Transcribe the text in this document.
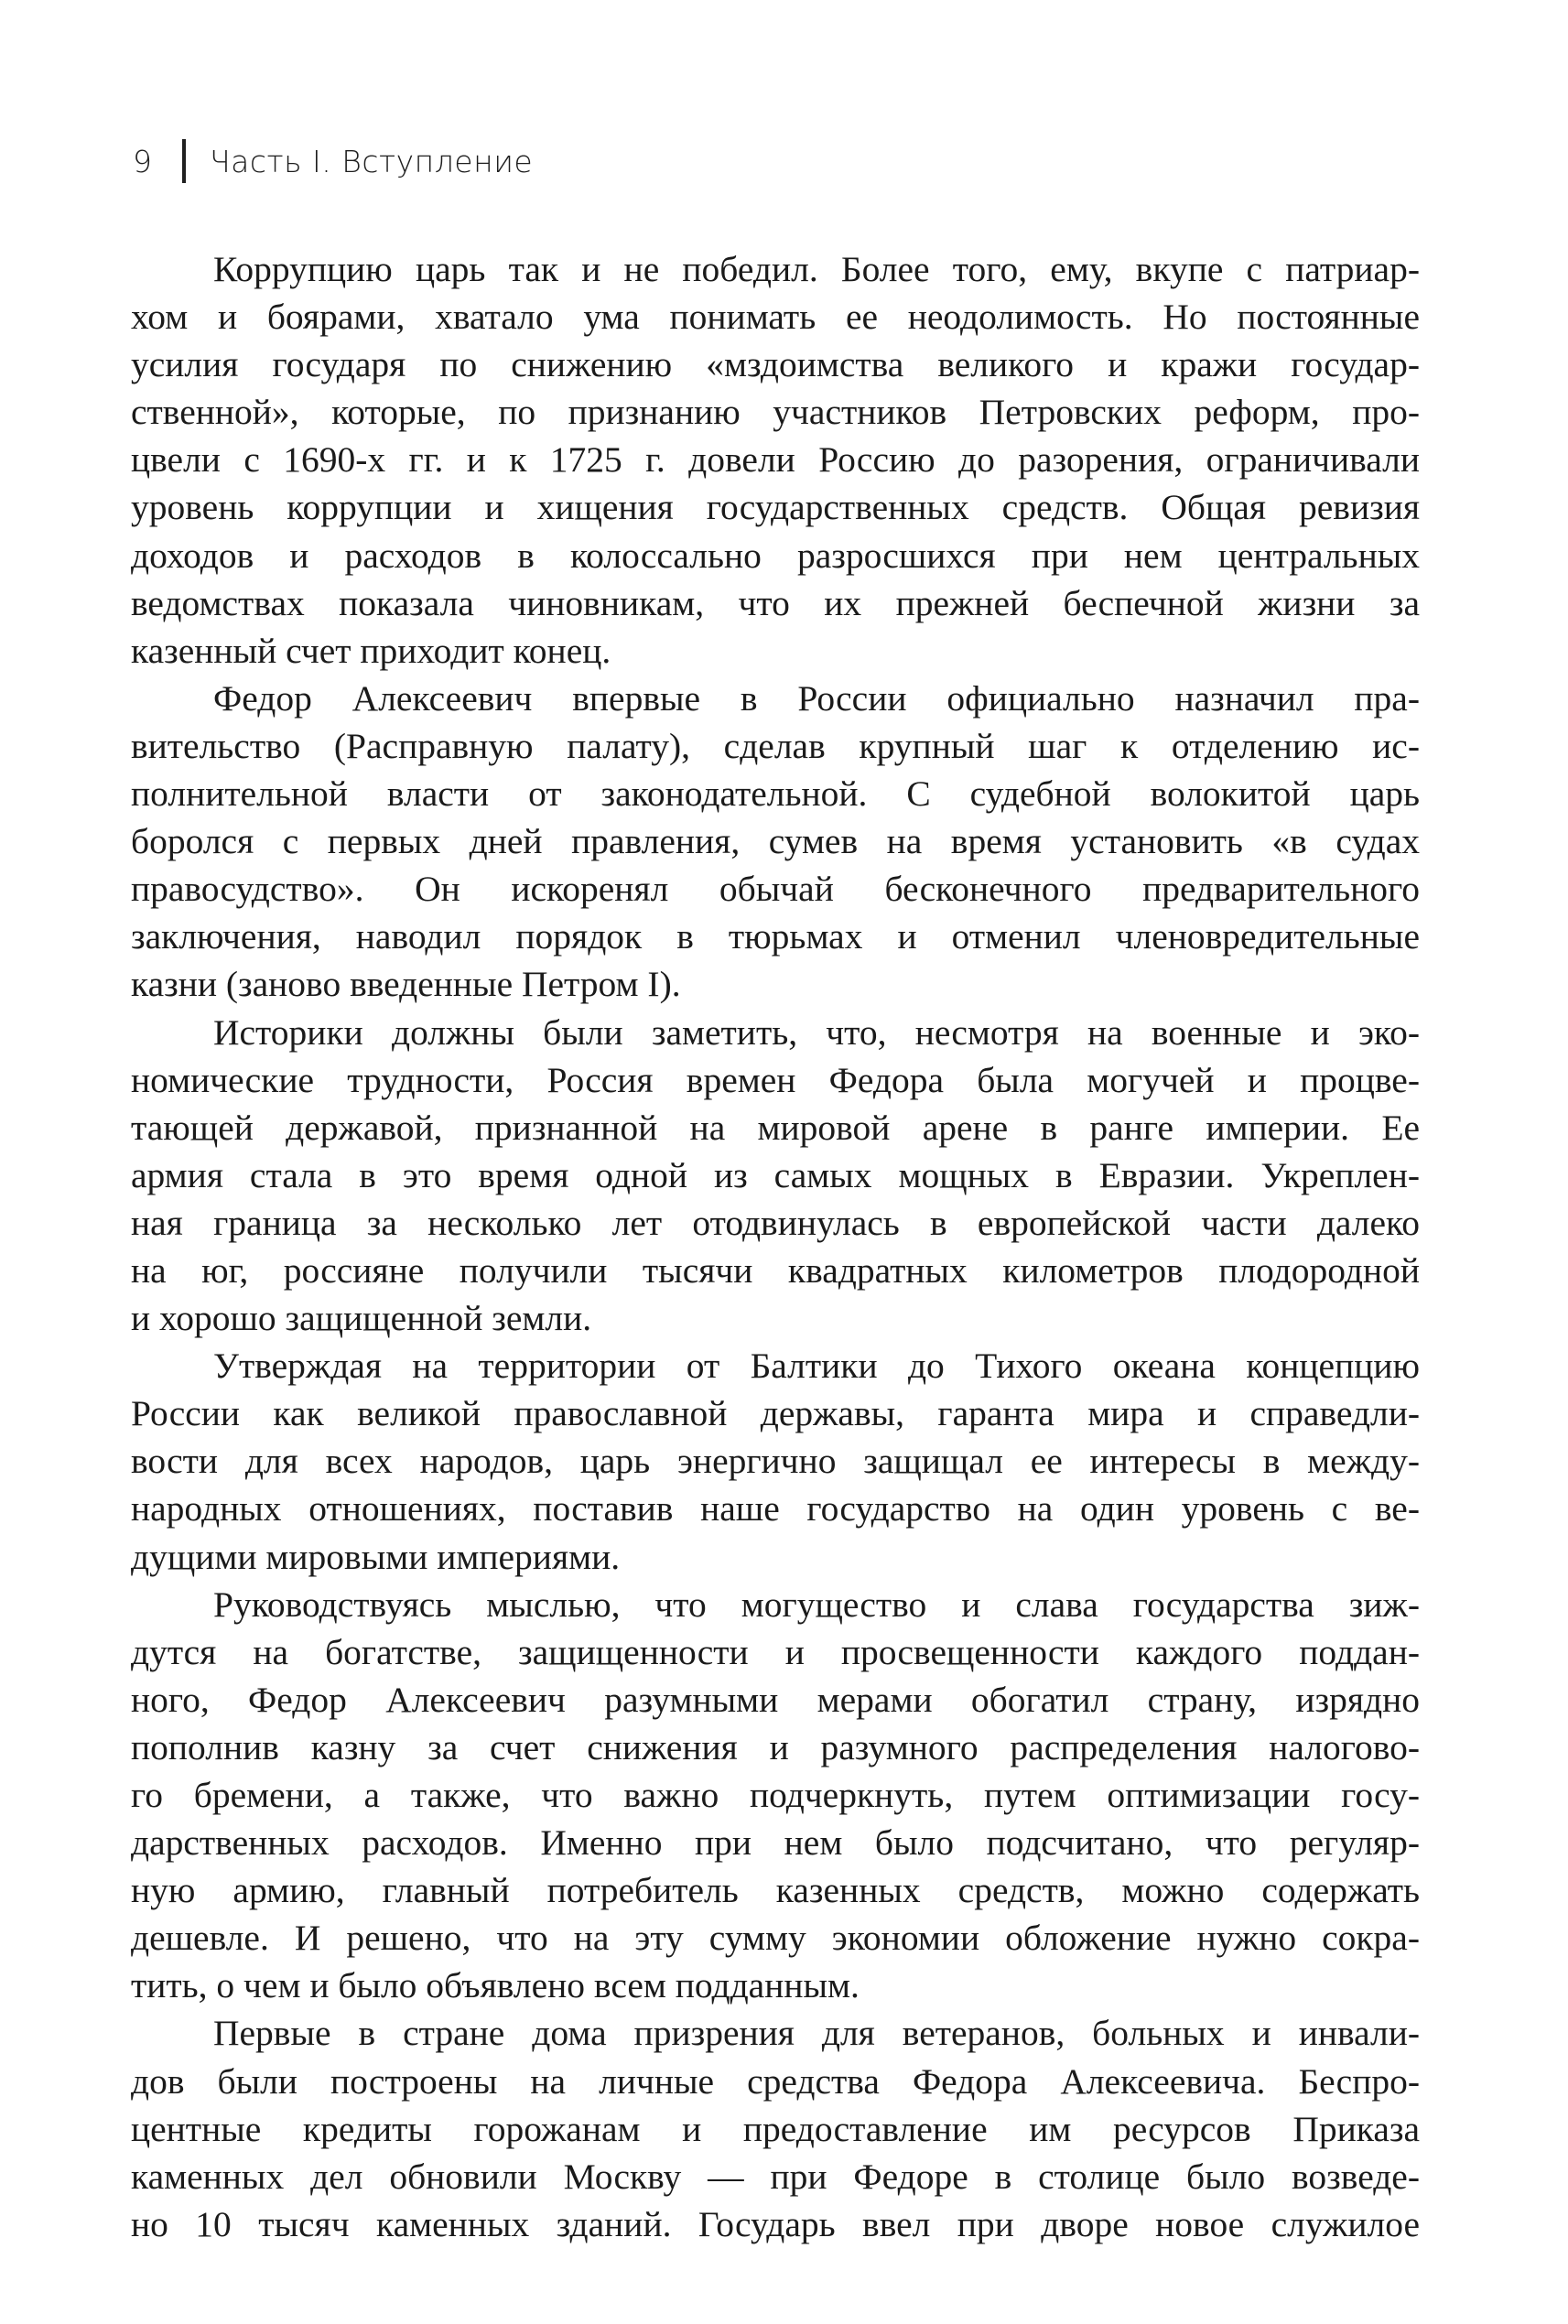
9 Часть I. Вступление

Коррупцию царь так и не победил. Более того, ему, вкупе с патриар-
хом и боярами, хватало ума понимать ее неодолимость. Но постоянные
усилия государя по снижению «мздоимства великого и кражи государ-
ственной», которые, по признанию участников Петровских реформ, про-
цвели с 1690-х гг. и к 1725 г. довели Россию до разорения, ограничивали
уровень коррупции и хищения государственных средств. Общая ревизия
доходов и расходов в колоссально разросшихся при нем центральных
ведомствах показала чиновникам, что их прежней беспечной жизни за
казенный счет приходит конец.

Федор Алексеевич впервые в России официально назначил пра-
вительство (Расправную палату), сделав крупный шаг к отделению ис-
полнительной власти от законодательной. С судебной волокитой царь
боролся с первых дней правления, сумев на время установить «в судах
правосудство». Он искоренял обычай бесконечного предварительного
заключения, наводил порядок в тюрьмах и отменил членовредительные
казни (заново введенные Петром I).

Историки должны были заметить, что, несмотря на военные и эко-
номические трудности, Россия времен Федора была могучей и процве-
тающей державой, признанной на мировой арене в ранге империи. Ее
армия стала в это время одной из самых мощных в Евразии. Укреплен-
ная граница за несколько лет отодвинулась в европейской части далеко
на юг, россияне получили тысячи квадратных километров плодородной
и хорошо защищенной земли.

Утверждая на территории от Балтики до Тихого океана концепцию
России как великой православной державы, гаранта мира и справедли-
вости для всех народов, царь энергично защищал ее интересы в между-
народных отношениях, поставив наше государство на один уровень с ве-
дущими мировыми империями.

Руководствуясь мыслью, что могущество и слава государства зиж-
дутся на богатстве, защищенности и просвещенности каждого поддан-
ного, Федор Алексеевич разумными мерами обогатил страну, изрядно
пополнив казну за счет снижения и разумного распределения налогово-
го бремени, а также, что важно подчеркнуть, путем оптимизации госу-
дарственных расходов. Именно при нем было подсчитано, что регуляр-
ную армию, главный потребитель казенных средств, можно содержать
дешевле. И решено, что на эту сумму экономии обложение нужно сокра-
тить, о чем и было объявлено всем подданным.

Первые в стране дома призрения для ветеранов, больных и инвали-
дов были построены на личные средства Федора Алексеевича. Беспро-
центные кредиты горожанам и предоставление им ресурсов Приказа
каменных дел обновили Москву — при Федоре в столице было возведе-
но 10 тысяч каменных зданий. Государь ввел при дворе новое служилое
